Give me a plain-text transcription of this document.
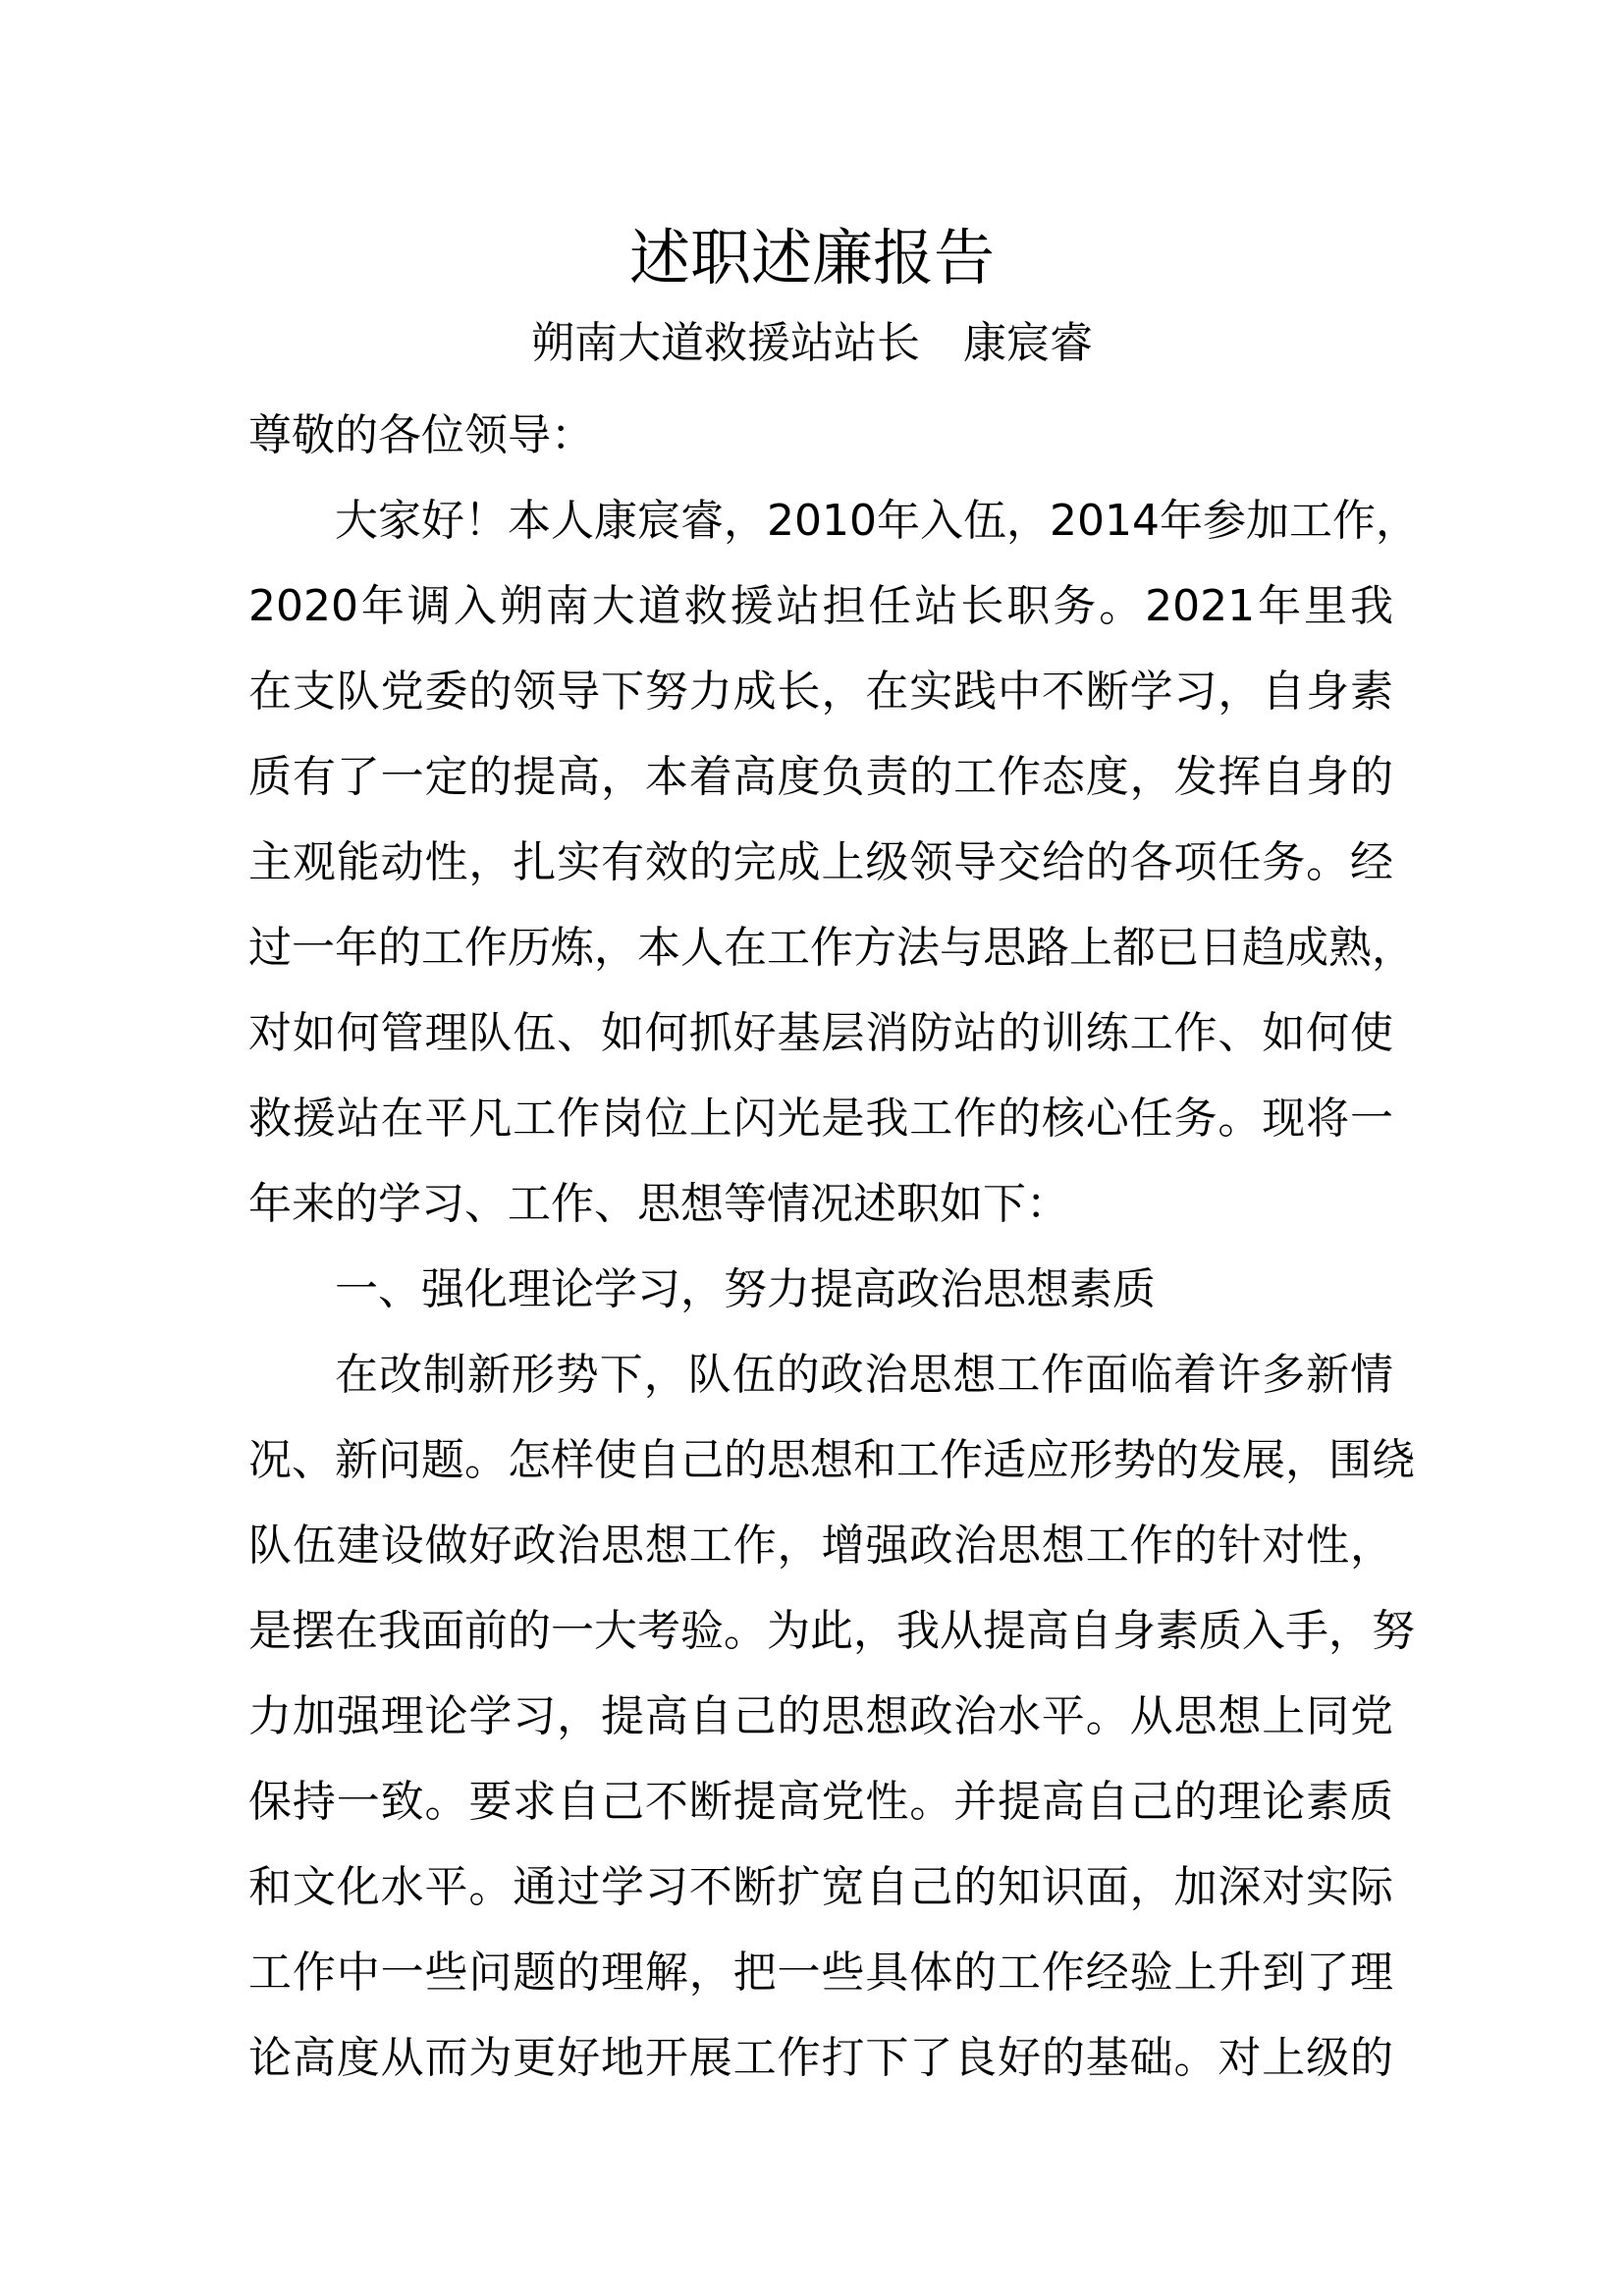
述职述廉报告
朔南大道救援站站长　康宸睿
尊敬的各位领导：
大家好！本人康宸睿，2010年入伍，2014年参加工作，
2020年调入朔南大道救援站担任站长职务。2021年里我
在支队党委的领导下努力成长，在实践中不断学习，自身素
质有了一定的提高，本着高度负责的工作态度，发挥自身的
主观能动性，扎实有效的完成上级领导交给的各项任务。经
过一年的工作历炼，本人在工作方法与思路上都已日趋成熟，
对如何管理队伍、如何抓好基层消防站的训练工作、如何使
救援站在平凡工作岗位上闪光是我工作的核心任务。现将一
年来的学习、工作、思想等情况述职如下：
一、强化理论学习，努力提高政治思想素质
在改制新形势下，队伍的政治思想工作面临着许多新情
况、新问题。怎样使自己的思想和工作适应形势的发展，围绕
队伍建设做好政治思想工作，增强政治思想工作的针对性，
是摆在我面前的一大考验。为此，我从提高自身素质入手，努
力加强理论学习，提高自己的思想政治水平。从思想上同党
保持一致。要求自己不断提高党性。并提高自己的理论素质
和文化水平。通过学习不断扩宽自己的知识面，加深对实际
工作中一些问题的理解，把一些具体的工作经验上升到了理
论高度从而为更好地开展工作打下了良好的基础。对上级的
